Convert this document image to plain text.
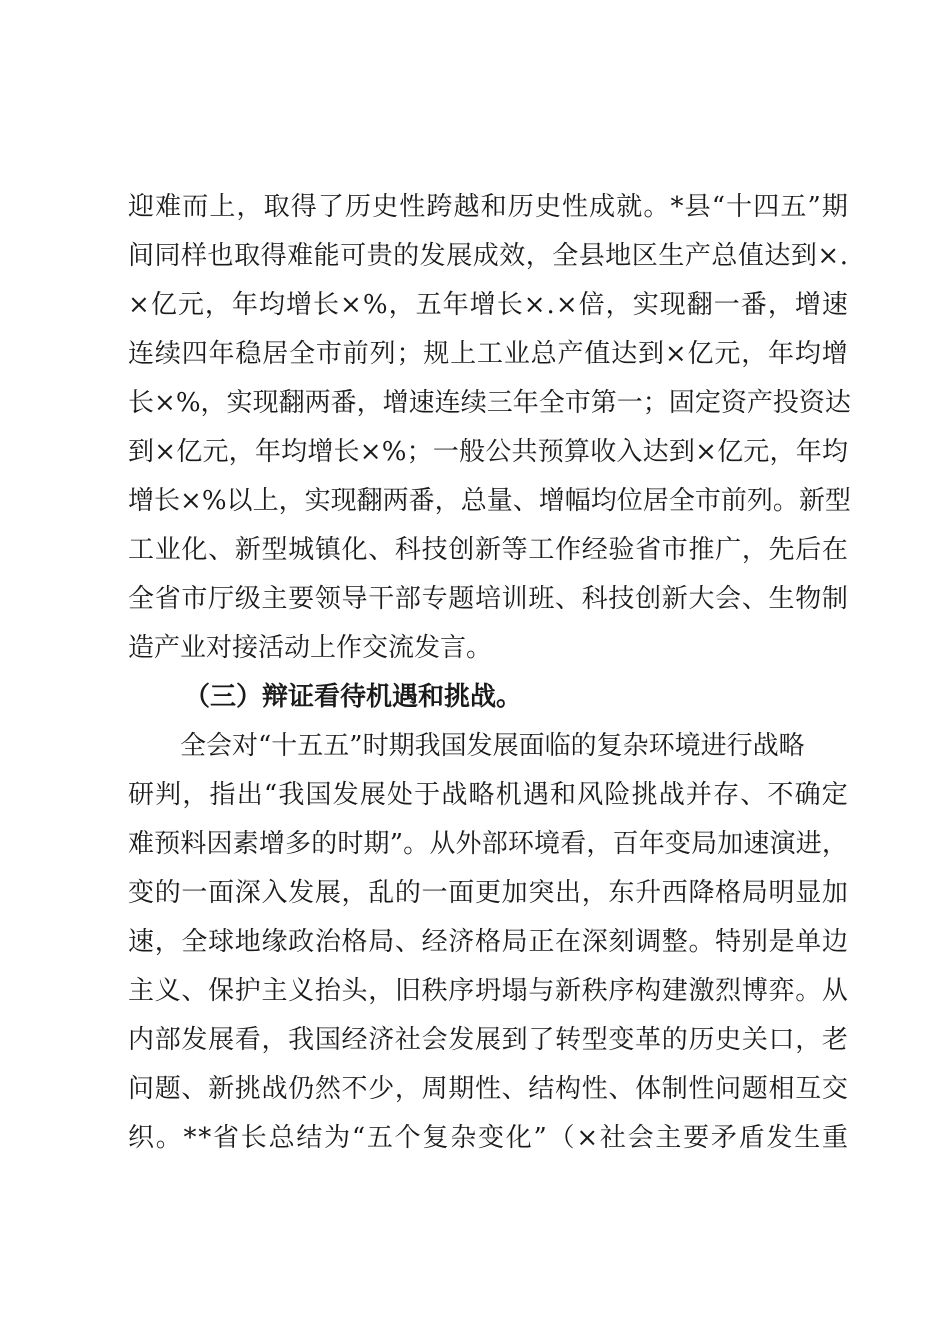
迎 难 而 上 ， 取 得 了 历 史 性 跨 越 和 历 史 性 成 就 。 * 县 “ 十 四 五 ” 期
间 同 样 也 取 得 难 能 可 贵 的 发 展 成 效 ， 全 县 地 区 生 产 总 值 达 到 × .
× 亿 元 ， 年 均 增 长 × % ， 五 年 增 长 × . × 倍 ， 实 现 翻 一 番 ， 增 速
连 续 四 年 稳 居 全 市 前 列 ； 规 上 工 业 总 产 值 达 到 × 亿 元 ， 年 均 增
长 × % ， 实 现 翻 两 番 ， 增 速 连 续 三 年 全 市 第 一 ； 固 定 资 产 投 资 达
到 × 亿 元 ， 年 均 增 长 × % ； 一 般 公 共 预 算 收 入 达 到 × 亿 元 ， 年 均
增 长 × % 以 上 ， 实 现 翻 两 番 ， 总 量 、 增 幅 均 位 居 全 市 前 列 。 新 型
工 业 化 、 新 型 城 镇 化 、 科 技 创 新 等 工 作 经 验 省 市 推 广 ， 先 后 在
全 省 市 厅 级 主 要 领 导 干 部 专 题 培 训 班 、 科 技 创 新 大 会 、 生 物 制
造产业对接活动上作交流发言。
（三）辩证看待机遇和挑战。
全会对“十五五”时期我国发展面临的复杂环境进行战略
研 判 ， 指 出 “ 我 国 发 展 处 于 战 略 机 遇 和 风 险 挑 战 并 存 、 不 确 定
难 预 料 因 素 增 多 的 时 期 ” 。 从 外 部 环 境 看 ， 百 年 变 局 加 速 演 进 ，
变 的 一 面 深 入 发 展 ， 乱 的 一 面 更 加 突 出 ， 东 升 西 降 格 局 明 显 加
速 ， 全 球 地 缘 政 治 格 局 、 经 济 格 局 正 在 深 刻 调 整 。 特 别 是 单 边
主 义 、 保 护 主 义 抬 头 ， 旧 秩 序 坍 塌 与 新 秩 序 构 建 激 烈 博 弈 。 从
内 部 发 展 看 ， 我 国 经 济 社 会 发 展 到 了 转 型 变 革 的 历 史 关 口 ， 老
问 题 、 新 挑 战 仍 然 不 少 ， 周 期 性 、 结 构 性 、 体 制 性 问 题 相 互 交
织 。 * * 省 长 总 结 为 “ 五 个 复 杂 变 化 ” （ × 社 会 主 要 矛 盾 发 生 重
